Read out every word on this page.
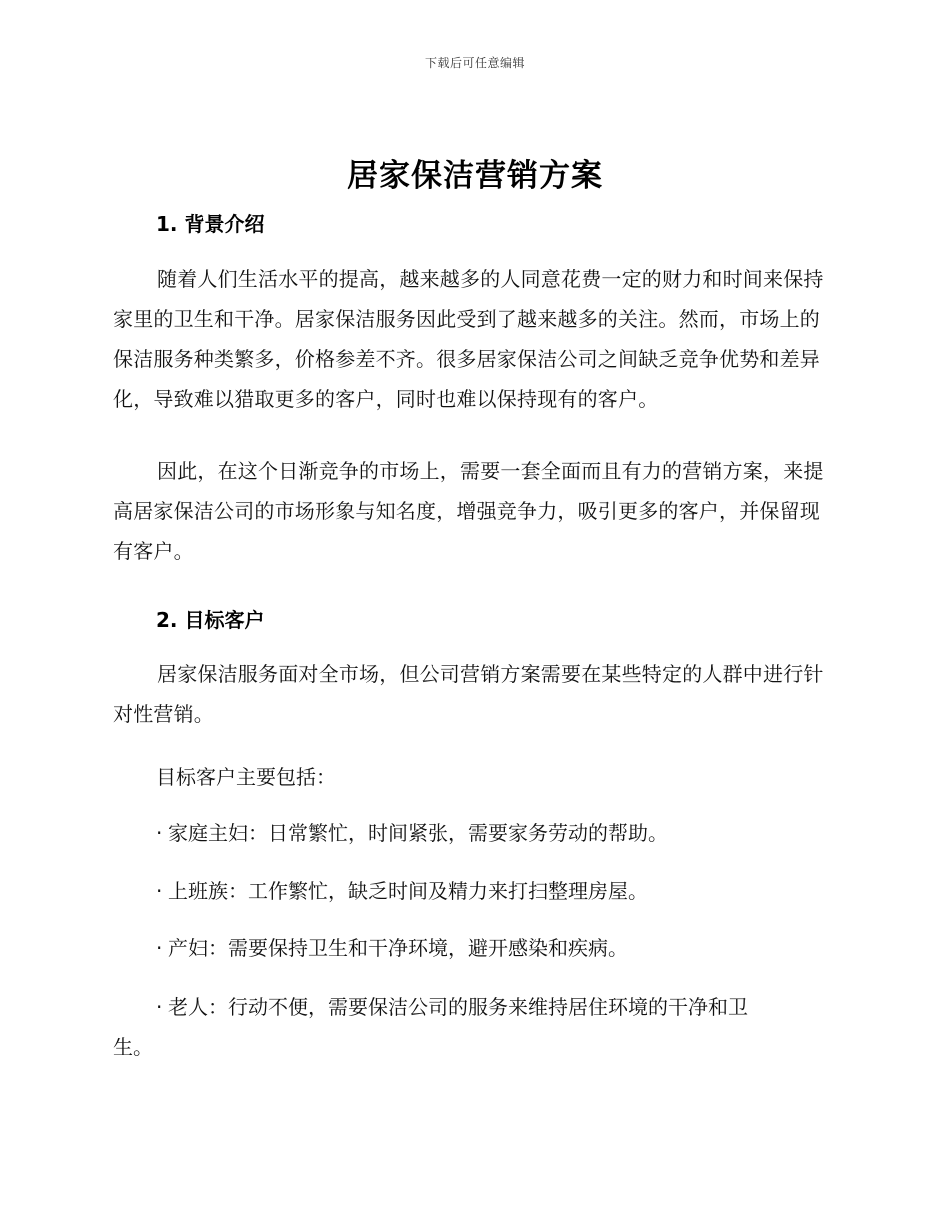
下载后可任意编辑
居家保洁营销方案
1. 背景介绍
随着人们生活水平的提高，越来越多的人同意花费一定的财力和时间来保持家里的卫生和干净。居家保洁服务因此受到了越来越多的关注。然而，市场上的保洁服务种类繁多，价格参差不齐。很多居家保洁公司之间缺乏竞争优势和差异化，导致难以猎取更多的客户，同时也难以保持现有的客户。
因此，在这个日渐竞争的市场上，需要一套全面而且有力的营销方案，来提高居家保洁公司的市场形象与知名度，增强竞争力，吸引更多的客户，并保留现有客户。
2. 目标客户
居家保洁服务面对全市场，但公司营销方案需要在某些特定的人群中进行针对性营销。
目标客户主要包括：
· 家庭主妇：日常繁忙，时间紧张，需要家务劳动的帮助。
· 上班族：工作繁忙，缺乏时间及精力来打扫整理房屋。
· 产妇：需要保持卫生和干净环境，避开感染和疾病。
· 老人：行动不便，需要保洁公司的服务来维持居住环境的干净和卫
生。
